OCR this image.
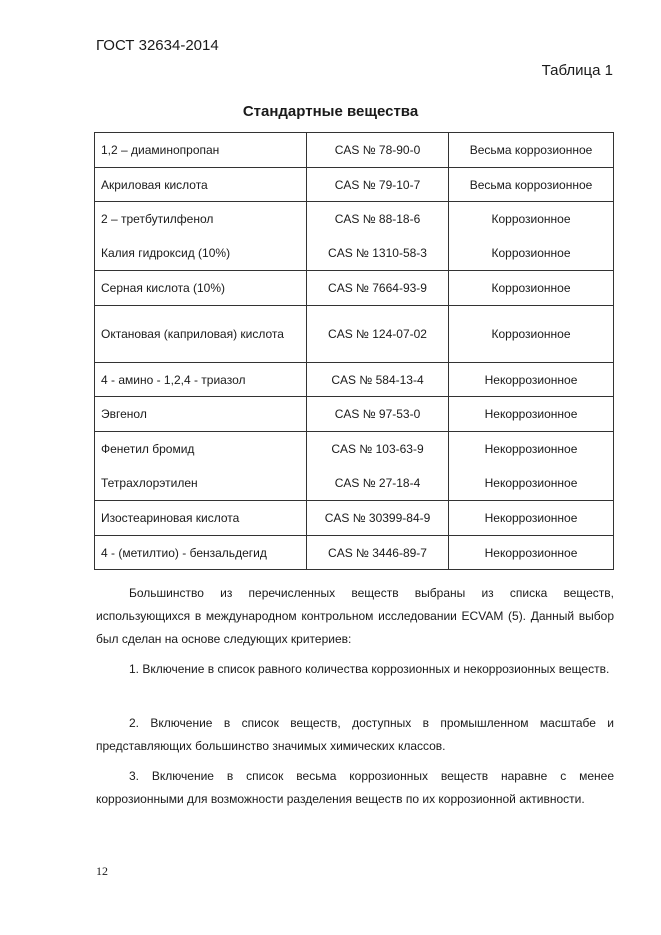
ГОСТ 32634-2014
Таблица 1
Стандартные вещества
1,2 – диаминопропан	CAS № 78-90-0	Весьма коррозионное
Акриловая кислота	CAS № 79-10-7	Весьма коррозионное
2 – третбутилфенол	CAS № 88-18-6	Коррозионное
Калия гидроксид (10%)	CAS № 1310-58-3	Коррозионное
Серная кислота (10%)	CAS № 7664-93-9	Коррозионное
Октановая (каприловая) кислота	CAS № 124-07-02	Коррозионное
4 - амино - 1,2,4 - триазол	CAS № 584-13-4	Некоррозионное
Эвгенол	CAS № 97-53-0	Некоррозионное
Фенетил бромид	CAS № 103-63-9	Некоррозионное
Тетрахлорэтилен	CAS № 27-18-4	Некоррозионное
Изостеариновая кислота	CAS № 30399-84-9	Некоррозионное
4 - (метилтио) - бензальдегид	CAS № 3446-89-7	Некоррозионное
Большинство из перечисленных веществ выбраны из списка веществ, использующихся в международном контрольном исследовании ECVAM (5). Данный выбор был сделан на основе следующих критериев:
1. Включение в список равного количества коррозионных и некоррозионных веществ.
2. Включение в список веществ, доступных в промышленном масштабе и представляющих большинство значимых химических классов.
3. Включение в список весьма коррозионных веществ наравне с менее коррозионными для возможности разделения веществ по их коррозионной активности.
12
